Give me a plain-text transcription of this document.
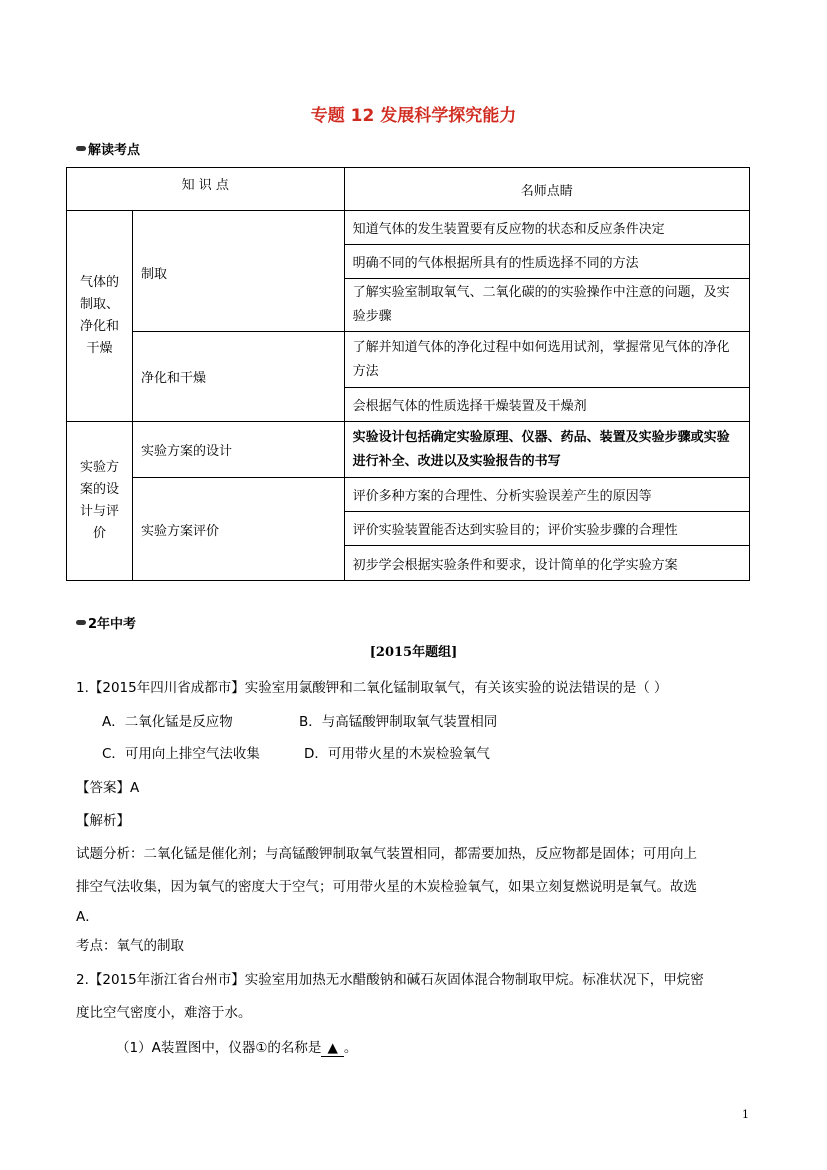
专题 12 发展科学探究能力
解读考点
知 识 点		名师点睛
气体的
制取、
净化和
干燥	制取	知道气体的发生装置要有反应物的状态和反应条件决定
		明确不同的气体根据所具有的性质选择不同的方法
		了解实验室制取氧气、二氧化碳的的实验操作中注意的问题，及实验步骤
	净化和干燥	了解并知道气体的净化过程中如何选用试剂，掌握常见气体的净化方法
		会根据气体的性质选择干燥装置及干燥剂
实验方
案的设
计与评
价	实验方案的设计	实验设计包括确定实验原理、仪器、药品、装置及实验步骤或实验进行补全、改进以及实验报告的书写
	实验方案评价	评价多种方案的合理性、分析实验误差产生的原因等
		评价实验装置能否达到实验目的；评价实验步骤的合理性
		初步学会根据实验条件和要求，设计简单的化学实验方案
2年中考
[2015年题组]
1.【2015年四川省成都市】实验室用氯酸钾和二氧化锰制取氧气，有关该实验的说法错误的是（ ）
A．二氧化锰是反应物	B．与高锰酸钾制取氧气装置相同
C．可用向上排空气法收集	D．可用带火星的木炭检验氧气
【答案】A
【解析】
试题分析：二氧化锰是催化剂；与高锰酸钾制取氧气装置相同，都需要加热，反应物都是固体；可用向上
排空气法收集，因为氧气的密度大于空气；可用带火星的木炭检验氧气，如果立刻复燃说明是氧气。故选
A．
考点：氧气的制取
2.【2015年浙江省台州市】实验室用加热无水醋酸钠和碱石灰固体混合物制取甲烷。标准状况下，甲烷密
度比空气密度小，难溶于水。
（1）A装置图中，仪器①的名称是 ▲ 。
1
